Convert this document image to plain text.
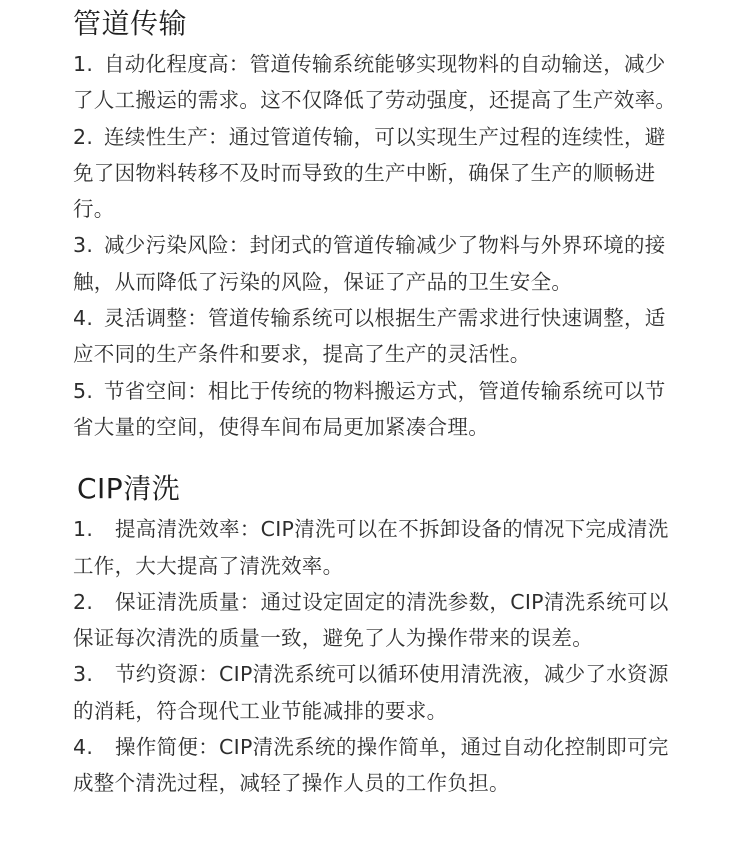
管道传输

1. 自动化程度高：管道传输系统能够实现物料的自动输送，减少了人工搬运的需求。这不仅降低了劳动强度，还提高了生产效率。

2. 连续性生产：通过管道传输，可以实现生产过程的连续性，避免了因物料转移不及时而导致的生产中断，确保了生产的顺畅进行。

3. 减少污染风险：封闭式的管道传输减少了物料与外界环境的接触，从而降低了污染的风险，保证了产品的卫生安全。

4. 灵活调整：管道传输系统可以根据生产需求进行快速调整，适应不同的生产条件和要求，提高了生产的灵活性。

5. 节省空间：相比于传统的物料搬运方式，管道传输系统可以节省大量的空间，使得车间布局更加紧凑合理。

CIP清洗

1. 提高清洗效率：CIP清洗可以在不拆卸设备的情况下完成清洗工作，大大提高了清洗效率。

2. 保证清洗质量：通过设定固定的清洗参数，CIP清洗系统可以保证每次清洗的质量一致，避免了人为操作带来的误差。

3. 节约资源：CIP清洗系统可以循环使用清洗液，减少了水资源的消耗，符合现代工业节能减排的要求。

4. 操作简便：CIP清洗系统的操作简单，通过自动化控制即可完成整个清洗过程，减轻了操作人员的工作负担。
